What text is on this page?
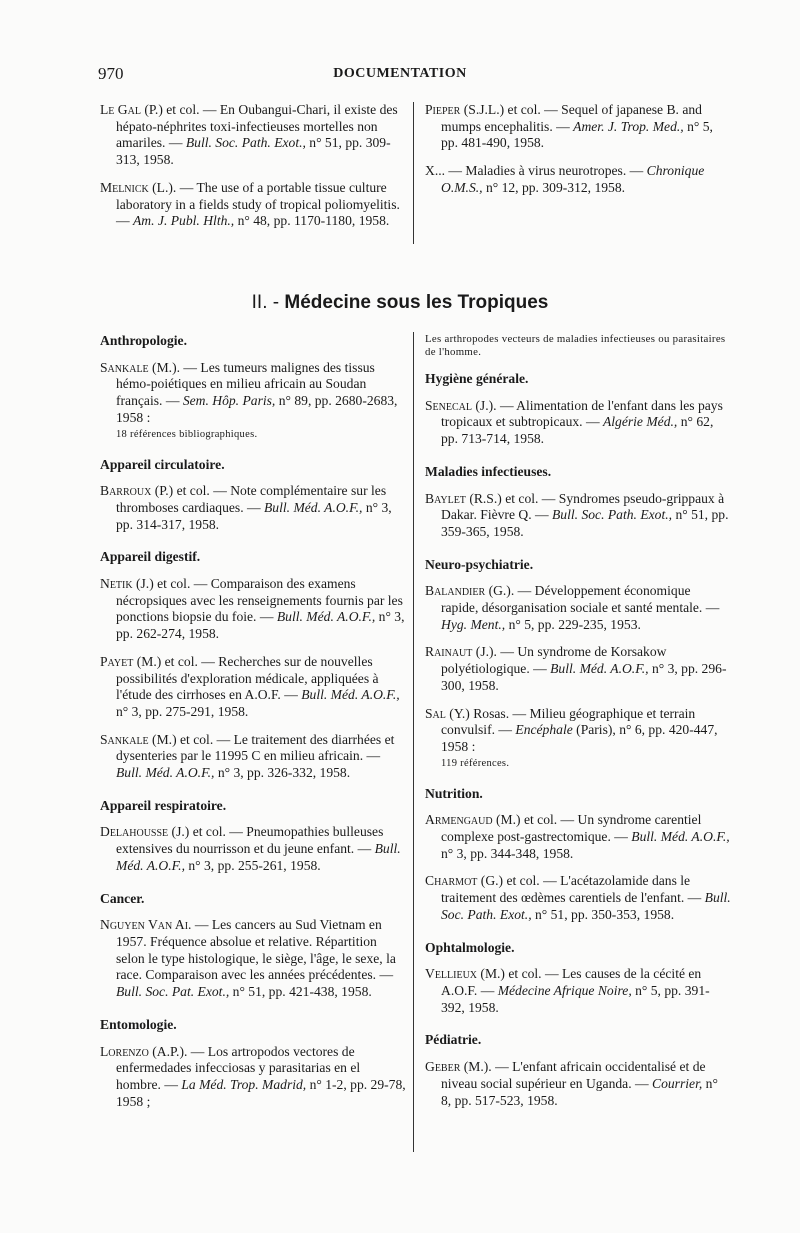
970	DOCUMENTATION

Le Gal (P.) et col. — En Oubangui-Chari, il existe des hépato-néphrites toxi-infectieuses mortelles non amariles. — Bull. Soc. Path. Exot., n° 51, pp. 309-313, 1958.

Melnick (L.). — The use of a portable tissue culture laboratory in a fields study of tropical poliomyelitis. — Am. J. Publ. Hlth., n° 48, pp. 1170-1180, 1958.

Pieper (S.J.L.) et col. — Sequel of japanese B. and mumps encephalitis. — Amer. J. Trop. Med., n° 5, pp. 481-490, 1958.

X... — Maladies à virus neurotropes. — Chronique O.M.S., n° 12, pp. 309-312, 1958.

II. - Médecine sous les Tropiques
Anthropologie.

Sankale (M.). — Les tumeurs malignes des tissus hémo-poiétiques en milieu africain au Soudan français. — Sem. Hôp. Paris, n° 89, pp. 2680-2683, 1958 :
18 références bibliographiques.

Appareil circulatoire.

Barroux (P.) et col. — Note complémentaire sur les thromboses cardiaques. — Bull. Méd. A.O.F., n° 3, pp. 314-317, 1958.

Appareil digestif.

Netik (J.) et col. — Comparaison des examens nécropsiques avec les renseignements fournis par les ponctions biopsie du foie. — Bull. Méd. A.O.F., n° 3, pp. 262-274, 1958.

Payet (M.) et col. — Recherches sur de nouvelles possibilités d'exploration médicale, appliquées à l'étude des cirrhoses en A.O.F. — Bull. Méd. A.O.F., n° 3, pp. 275-291, 1958.

Sankale (M.) et col. — Le traitement des diarrhées et dysenteries par le 11995 C en milieu africain. — Bull. Méd. A.O.F., n° 3, pp. 326-332, 1958.

Appareil respiratoire.

Delahousse (J.) et col. — Pneumopathies bulleuses extensives du nourrisson et du jeune enfant. — Bull. Méd. A.O.F., n° 3, pp. 255-261, 1958.

Cancer.

Nguyen Van Ai. — Les cancers au Sud Vietnam en 1957. Fréquence absolue et relative. Répartition selon le type histologique, le siège, l'âge, le sexe, la race. Comparaison avec les années précédentes. — Bull. Soc. Pat. Exot., n° 51, pp. 421-438, 1958.

Entomologie.

Lorenzo (A.P.). — Los artropodos vectores de enfermedades infecciosas y parasitarias en el hombre. — La Méd. Trop. Madrid, n° 1-2, pp. 29-78, 1958 ;

Les arthropodes vecteurs de maladies infectieuses ou parasitaires de l'homme.

Hygiène générale.

Senecal (J.). — Alimentation de l'enfant dans les pays tropicaux et subtropicaux. — Algérie Méd., n° 62, pp. 713-714, 1958.

Maladies infectieuses.

Baylet (R.S.) et col. — Syndromes pseudo-grippaux à Dakar. Fièvre Q. — Bull. Soc. Path. Exot., n° 51, pp. 359-365, 1958.

Neuro-psychiatrie.

Balandier (G.). — Développement économique rapide, désorganisation sociale et santé mentale. — Hyg. Ment., n° 5, pp. 229-235, 1953.

Rainaut (J.). — Un syndrome de Korsakow polyétiologique. — Bull. Méd. A.O.F., n° 3, pp. 296-300, 1958.

Sal (Y.) Rosas. — Milieu géographique et terrain convulsif. — Encéphale (Paris), n° 6, pp. 420-447, 1958 :
119 références.

Nutrition.

Armengaud (M.) et col. — Un syndrome carentiel complexe post-gastrectomique. — Bull. Méd. A.O.F., n° 3, pp. 344-348, 1958.

Charmot (G.) et col. — L'acétazolamide dans le traitement des œdèmes carentiels de l'enfant. — Bull. Soc. Path. Exot., n° 51, pp. 350-353, 1958.

Ophtalmologie.

Vellieux (M.) et col. — Les causes de la cécité en A.O.F. — Médecine Afrique Noire, n° 5, pp. 391-392, 1958.

Pédiatrie.

Geber (M.). — L'enfant africain occidentalisé et de niveau social supérieur en Uganda. — Courrier, n° 8, pp. 517-523, 1958.
